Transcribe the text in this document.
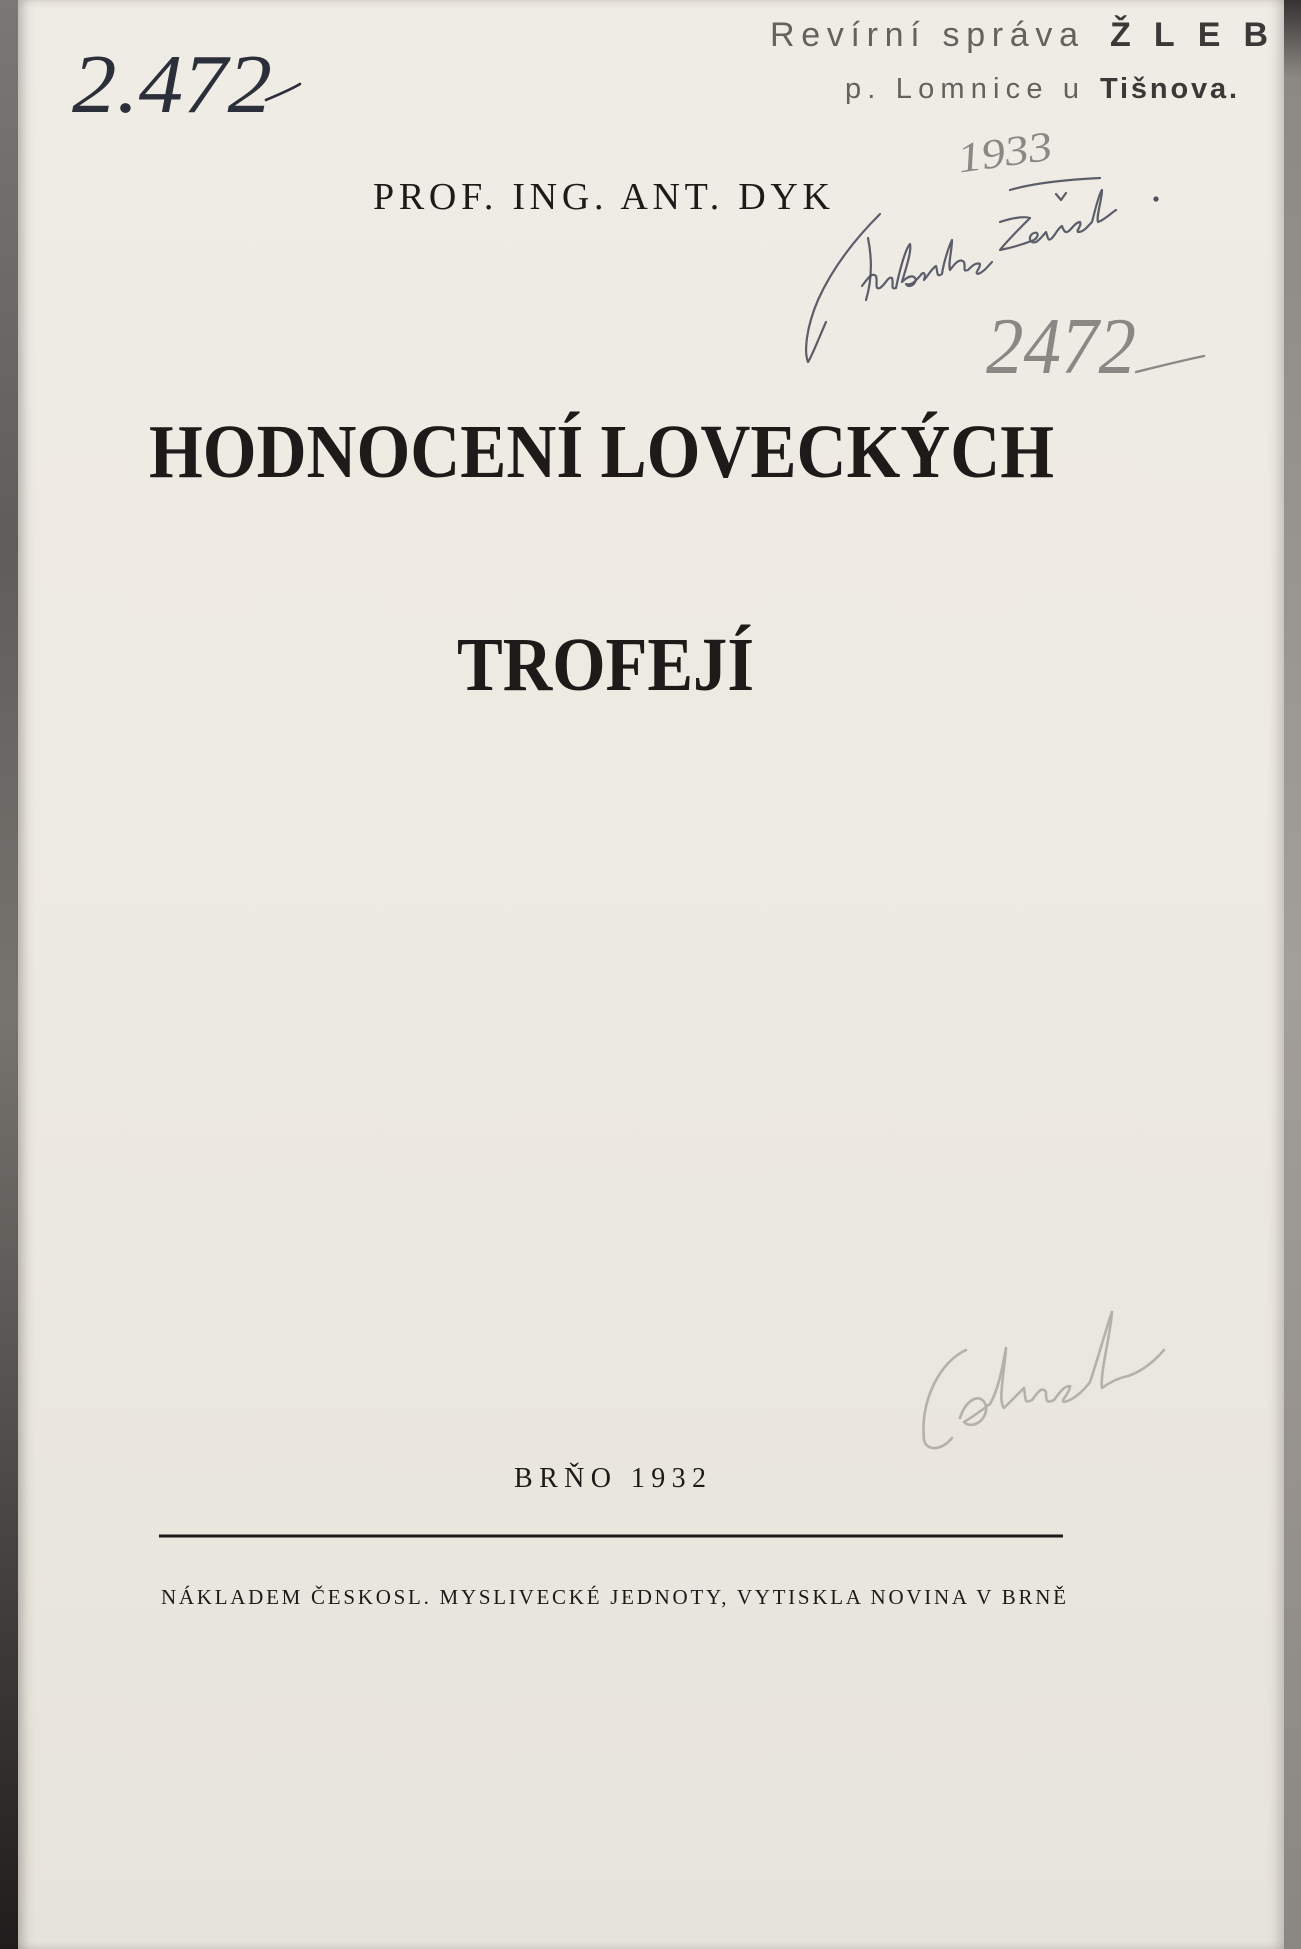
Revírní správa ŽLEB
p. Lomnice u Tišnova.
2.472
1933
2472
PROF. ING. ANT. DYK
HODNOCENÍ LOVECKÝCH
TROFEJÍ
BRŇO 1932
NÁKLADEM ČESKOSL. MYSLIVECKÉ JEDNOTY, VYTISKLA NOVINA V BRNĚ
